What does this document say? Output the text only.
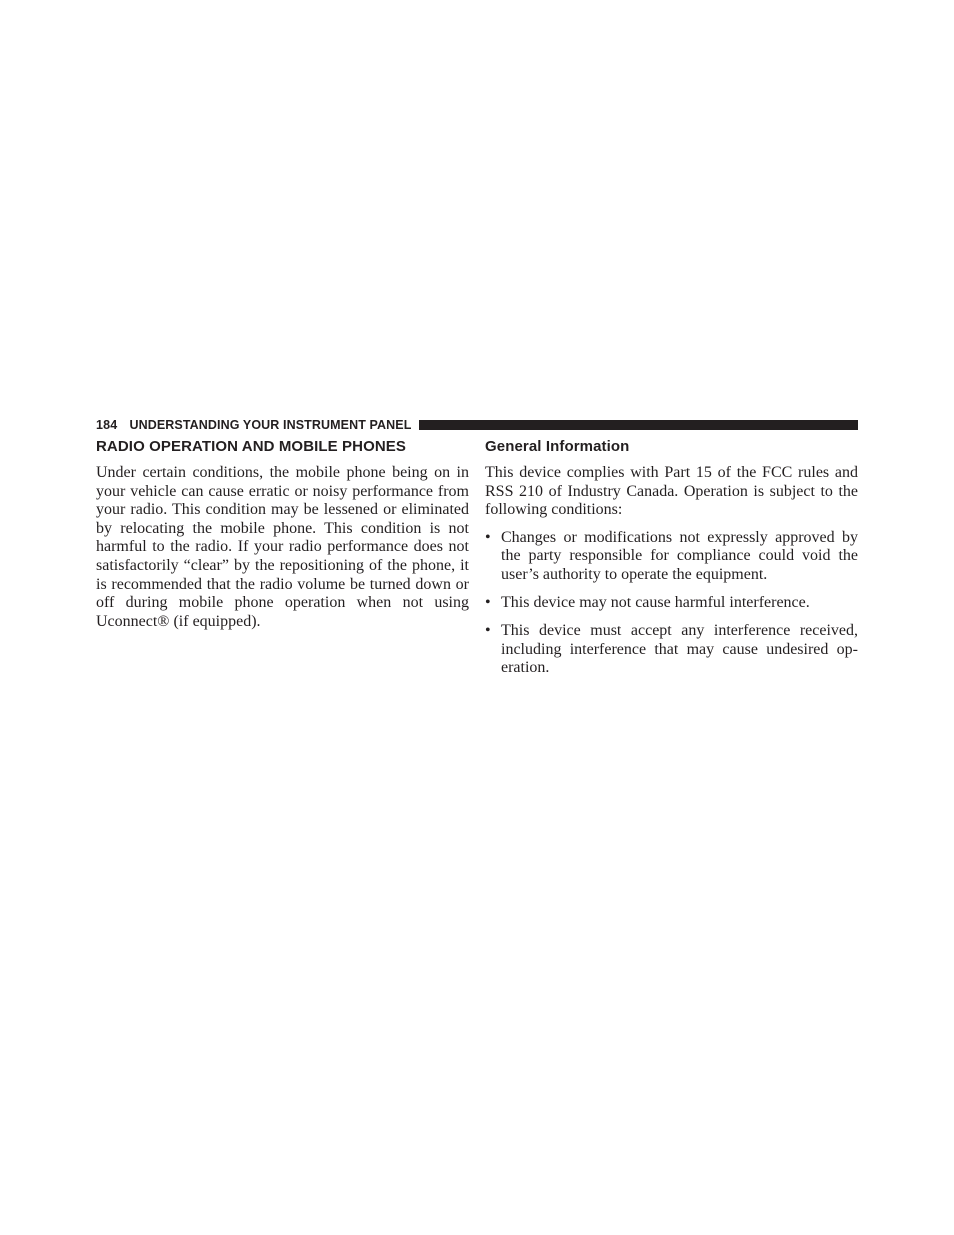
184 UNDERSTANDING YOUR INSTRUMENT PANEL
RADIO OPERATION AND MOBILE PHONES

Under certain conditions, the mobile phone being on in your vehicle can cause erratic or noisy performance from your radio. This condition may be lessened or eliminated by relocating the mobile phone. This condition is not harmful to the radio. If your radio performance does not satisfactorily “clear” by the repositioning of the phone, it is recommended that the radio volume be turned down or off during mobile phone operation when not using Uconnect® (if equipped).

General Information

This device complies with Part 15 of the FCC rules and RSS 210 of Industry Canada. Operation is subject to the following conditions:

• Changes or modifications not expressly approved by the party responsible for compliance could void the user’s authority to operate the equipment.
• This device may not cause harmful interference.
• This device must accept any interference received, including interference that may cause undesired op-eration.
